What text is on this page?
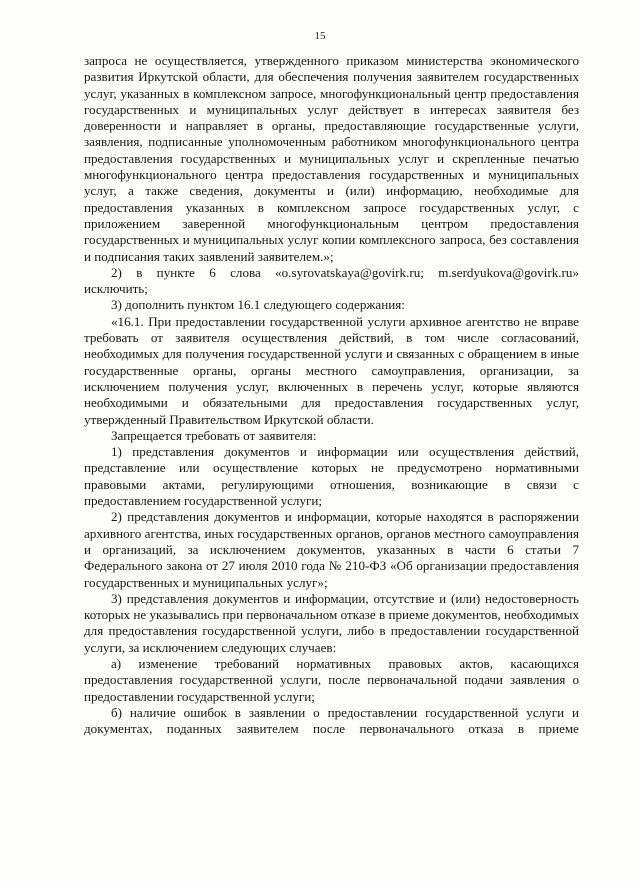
15

запроса не осуществляется, утвержденного приказом министерства экономического развития Иркутской области, для обеспечения получения заявителем государственных услуг, указанных в комплексном запросе, многофункциональный центр предоставления государственных и муниципальных услуг действует в интересах заявителя без доверенности и направляет в органы, предоставляющие государственные услуги, заявления, подписанные уполномоченным работником многофункционального центра предоставления государственных и муниципальных услуг и скрепленные печатью многофункционального центра предоставления государственных и муниципальных услуг, а также сведения, документы и (или) информацию, необходимые для предоставления указанных в комплексном запросе государственных услуг, с приложением заверенной многофункциональным центром предоставления государственных и муниципальных услуг копии комплексного запроса, без составления и подписания таких заявлений заявителем.»;

2) в пункте 6 слова «o.syrovatskaya@govirk.ru; m.serdyukova@govirk.ru» исключить;

3) дополнить пунктом 16.1 следующего содержания:

«16.1. При предоставлении государственной услуги архивное агентство не вправе требовать от заявителя осуществления действий, в том числе согласований, необходимых для получения государственной услуги и связанных с обращением в иные государственные органы, органы местного самоуправления, организации, за исключением получения услуг, включенных в перечень услуг, которые являются необходимыми и обязательными для предоставления государственных услуг, утвержденный Правительством Иркутской области.

Запрещается требовать от заявителя:

1) представления документов и информации или осуществления действий, представление или осуществление которых не предусмотрено нормативными правовыми актами, регулирующими отношения, возникающие в связи с предоставлением государственной услуги;

2) представления документов и информации, которые находятся в распоряжении архивного агентства, иных государственных органов, органов местного самоуправления и организаций, за исключением документов, указанных в части 6 статьи 7 Федерального закона от 27 июля 2010 года № 210-ФЗ «Об организации предоставления государственных и муниципальных услуг»;

3) представления документов и информации, отсутствие и (или) недостоверность которых не указывались при первоначальном отказе в приеме документов, необходимых для предоставления государственной услуги, либо в предоставлении государственной услуги, за исключением следующих случаев:

а) изменение требований нормативных правовых актов, касающихся предоставления государственной услуги, после первоначальной подачи заявления о предоставлении государственной услуги;

б) наличие ошибок в заявлении о предоставлении государственной услуги и документах, поданных заявителем после первоначального отказа в приеме
